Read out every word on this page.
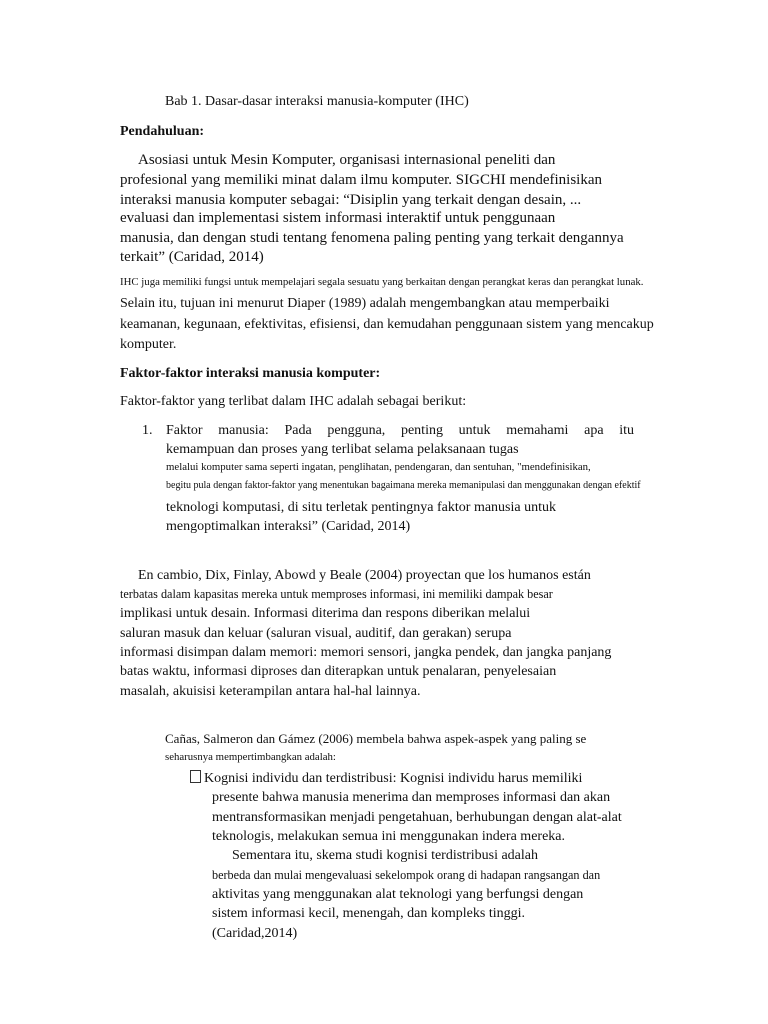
Bab 1. Dasar-dasar interaksi manusia-komputer (IHC)
Pendahuluan:
Asosiasi untuk Mesin Komputer, organisasi internasional peneliti dan
profesional yang memiliki minat dalam ilmu komputer. SIGCHI mendefinisikan
interaksi manusia komputer sebagai: “Disiplin yang terkait dengan desain, ...
evaluasi dan implementasi sistem informasi interaktif untuk penggunaan
manusia, dan dengan studi tentang fenomena paling penting yang terkait dengannya
terkait” (Caridad, 2014)
IHC juga memiliki fungsi untuk mempelajari segala sesuatu yang berkaitan dengan perangkat keras dan perangkat lunak.
Selain itu, tujuan ini menurut Diaper (1989) adalah mengembangkan atau memperbaiki
keamanan, kegunaan, efektivitas, efisiensi, dan kemudahan penggunaan sistem yang mencakup
komputer.
Faktor-faktor interaksi manusia komputer:
Faktor-faktor yang terlibat dalam IHC adalah sebagai berikut:
1. Faktor manusia: Pada pengguna, penting untuk memahami apa itu
kemampuan dan proses yang terlibat selama pelaksanaan tugas
melalui komputer sama seperti ingatan, penglihatan, pendengaran, dan sentuhan, "mendefinisikan,
begitu pula dengan faktor-faktor yang menentukan bagaimana mereka memanipulasi dan menggunakan dengan efektif
teknologi komputasi, di situ terletak pentingnya faktor manusia untuk
mengoptimalkan interaksi” (Caridad, 2014)
En cambio, Dix, Finlay, Abowd y Beale (2004) proyectan que los humanos están
terbatas dalam kapasitas mereka untuk memproses informasi, ini memiliki dampak besar
implikasi untuk desain. Informasi diterima dan respons diberikan melalui
saluran masuk dan keluar (saluran visual, auditif, dan gerakan) serupa
informasi disimpan dalam memori: memori sensori, jangka pendek, dan jangka panjang
batas waktu, informasi diproses dan diterapkan untuk penalaran, penyelesaian
masalah, akuisisi keterampilan antara hal-hal lainnya.
Cañas, Salmeron dan Gámez (2006) membela bahwa aspek-aspek yang paling se
seharusnya mempertimbangkan adalah:
Kognisi individu dan terdistribusi: Kognisi individu harus memiliki
presente bahwa manusia menerima dan memproses informasi dan akan
mentransformasikan menjadi pengetahuan, berhubungan dengan alat-alat
teknologis, melakukan semua ini menggunakan indera mereka.
Sementara itu, skema studi kognisi terdistribusi adalah
berbeda dan mulai mengevaluasi sekelompok orang di hadapan rangsangan dan
aktivitas yang menggunakan alat teknologi yang berfungsi dengan
sistem informasi kecil, menengah, dan kompleks tinggi.
(Caridad,2014)
